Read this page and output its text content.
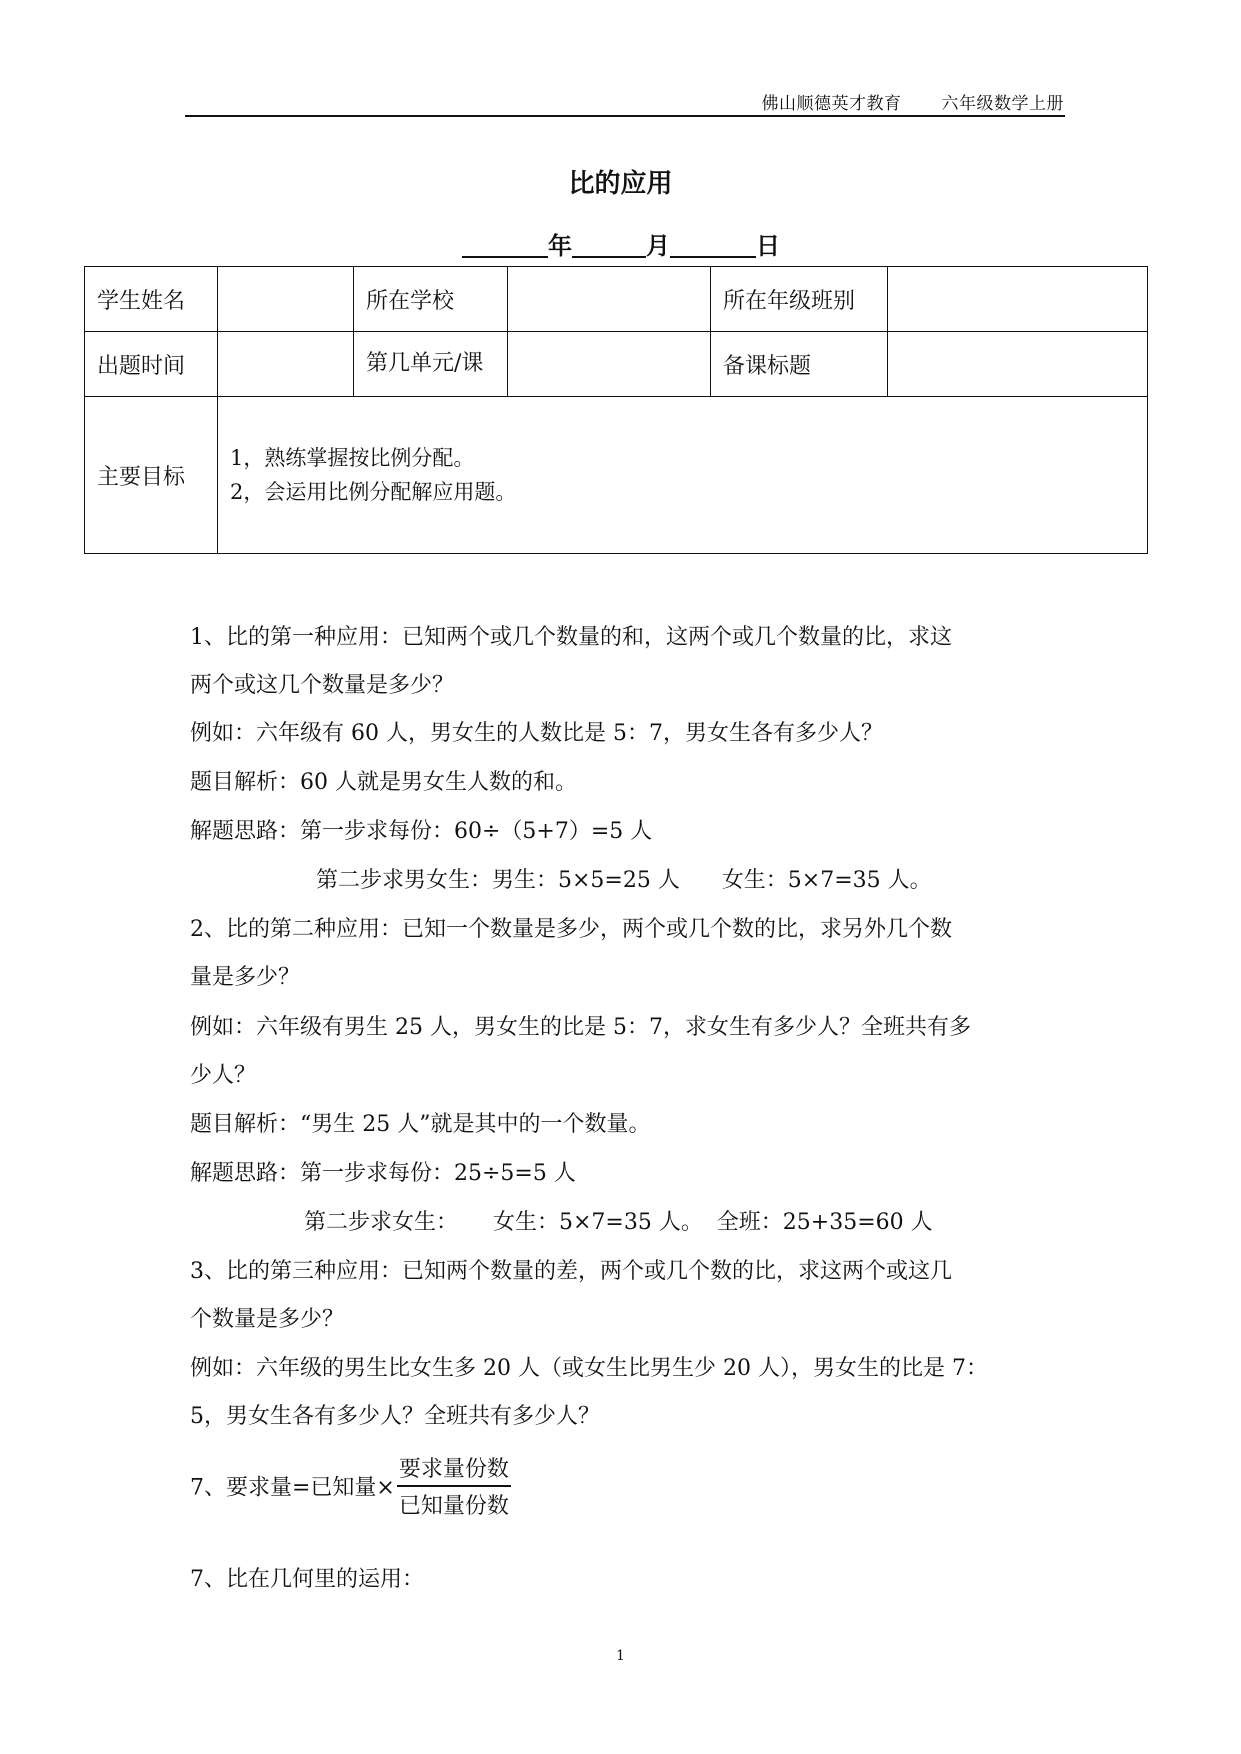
佛山顺德英才教育 六年级数学上册
比的应用
年	月	日
学生姓名		所在学校		所在年级班别	
出题时间		第几单元/课		备课标题	
主要目标	1，熟练掌握按比例分配。
2，会运用比例分配解应用题。				
1、比的第一种应用：已知两个或几个数量的和，这两个或几个数量的比，求这
两个或这几个数量是多少？
例如：六年级有 60 人，男女生的人数比是 5：7，男女生各有多少人？
题目解析：60 人就是男女生人数的和。
解题思路：第一步求每份：60÷（5+7）=5 人
第二步求男女生：男生：5×5=25 人      女生：5×7=35 人。
2、比的第二种应用：已知一个数量是多少，两个或几个数的比，求另外几个数
量是多少？
例如：六年级有男生 25 人，男女生的比是 5：7，求女生有多少人？全班共有多
少人？
题目解析：“男生 25 人”就是其中的一个数量。
解题思路：第一步求每份：25÷5=5 人
第二步求女生：     女生：5×7=35 人。  全班：25+35=60 人
3、比的第三种应用：已知两个数量的差，两个或几个数的比，求这两个或这几
个数量是多少？
例如：六年级的男生比女生多 20 人（或女生比男生少 20 人），男女生的比是 7：
5，男女生各有多少人？全班共有多少人？
7、要求量=已知量× $\frac{\text{要求量份数}}{\text{已知量份数}}$
7、比在几何里的运用：
1
